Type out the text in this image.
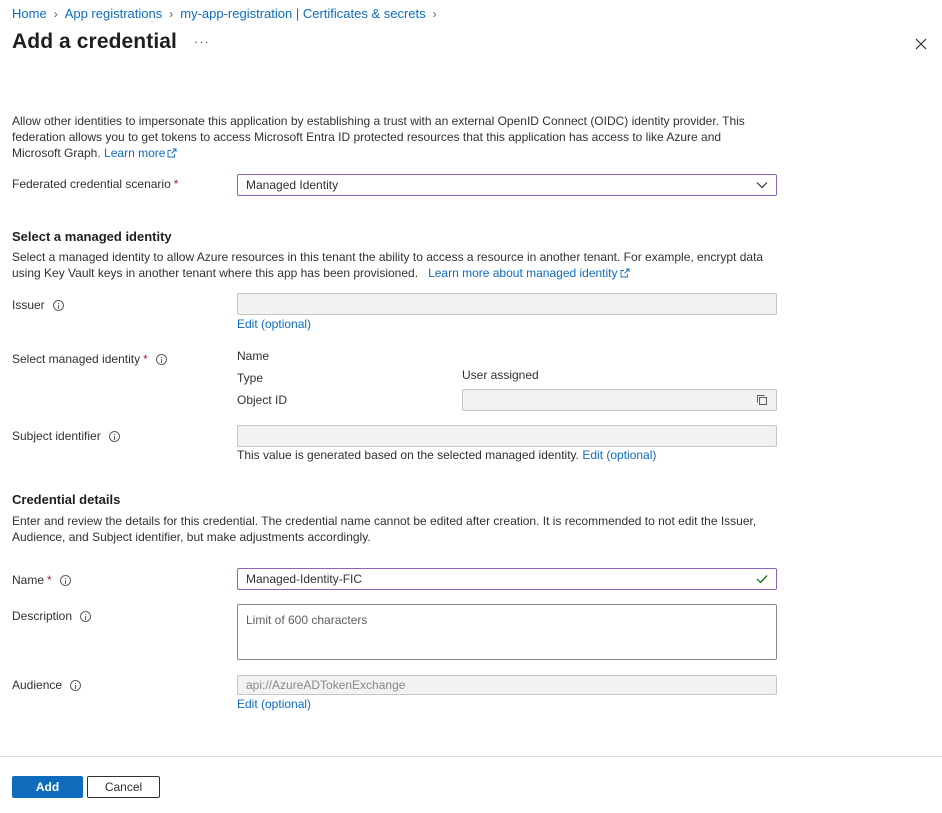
Home › App registrations › my-app-registration | Certificates & secrets ›
Add a credential ···
Allow other identities to impersonate this application by establishing a trust with an external OpenID Connect (OIDC) identity provider. This federation allows you to get tokens to access Microsoft Entra ID protected resources that this application has access to like Azure and Microsoft Graph. Learn more
Federated credential scenario *	Managed Identity
Select a managed identity
Select a managed identity to allow Azure resources in this tenant the ability to access a resource in another tenant. For example, encrypt data using Key Vault keys in another tenant where this app has been provisioned. Learn more about managed identity
Issuer
Edit (optional)
Select managed identity *	Name
Type	User assigned
Object ID
Subject identifier
This value is generated based on the selected managed identity. Edit (optional)
Credential details
Enter and review the details for this credential. The credential name cannot be edited after creation. It is recommended to not edit the Issuer, Audience, and Subject identifier, but make adjustments accordingly.
Name *	Managed-Identity-FIC
Description
Limit of 600 characters
Audience
api://AzureADTokenExchange
Edit (optional)
Add	Cancel
